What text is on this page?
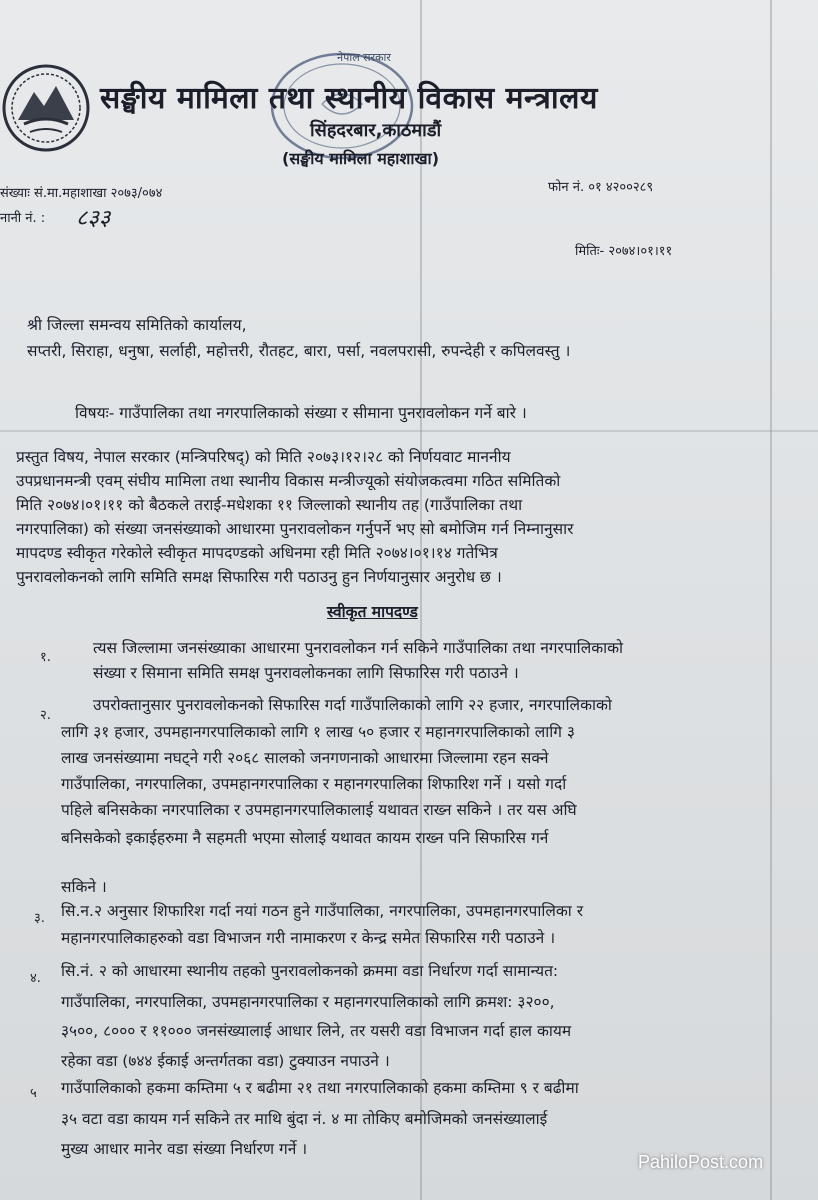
नेपाल सरकार
सङ्घीय मामिला तथा स्थानीय विकास मन्त्रालय
सिंहदरबार,काठमाडौं
(सङ्घीय मामिला महाशाखा)
संख्याः सं.मा.महाशाखा २०७३/०७४
नानी नं. : ८३३
फोन नं. ०१ ४२००२८९
मितिः- २०७४।०१।११
श्री जिल्ला समन्वय समितिको कार्यालय,
सप्तरी, सिराहा, धनुषा, सर्लाही, महोत्तरी, रौतहट, बारा, पर्सा, नवलपरासी, रुपन्देही र कपिलवस्तु ।
विषयः- गाउँपालिका तथा नगरपालिकाको संख्या र सीमाना पुनरावलोकन गर्ने बारे ।
प्रस्तुत विषय, नेपाल सरकार (मन्त्रिपरिषद्) को मिति २०७३।१२।२८ को निर्णयवाट माननीय
उपप्रधानमन्त्री एवम् संघीय मामिला तथा स्थानीय विकास मन्त्रीज्यूको संयोजकत्वमा गठित समितिको
मिति २०७४।०१।११ को बैठकले तराई-मधेशका ११ जिल्लाको स्थानीय तह (गाउँपालिका तथा
नगरपालिका) को संख्या जनसंख्याको आधारमा पुनरावलोकन गर्नुपर्ने भए सो बमोजिम गर्न निम्नानुसार
मापदण्ड स्वीकृत गरेकोले स्वीकृत मापदण्डको अधिनमा रही मिति २०७४।०१।१४ गतेभित्र
पुनरावलोकनको लागि समिति समक्ष सिफारिस गरी पठाउनु हुन निर्णयानुसार अनुरोध छ ।
स्वीकृत मापदण्ड
१.
त्यस जिल्लामा जनसंख्याका आधारमा पुनरावलोकन गर्न सकिने गाउँपालिका तथा नगरपालिकाको
संख्या र सिमाना समिति समक्ष पुनरावलोकनका लागि सिफारिस गरी पठाउने ।
२.
उपरोक्तानुसार पुनरावलोकनको सिफारिस गर्दा गाउँपालिकाको लागि २२ हजार, नगरपालिकाको
लागि ३१ हजार, उपमहानगरपालिकाको लागि १ लाख ५० हजार र महानगरपालिकाको लागि ३
लाख जनसंख्यामा नघट्ने गरी २०६८ सालको जनगणनाको आधारमा जिल्लामा रहन सक्ने
गाउँपालिका, नगरपालिका, उपमहानगरपालिका र महानगरपालिका शिफारिश गर्ने । यसो गर्दा
पहिले बनिसकेका नगरपालिका र उपमहानगरपालिकालाई यथावत राख्न सकिने । तर यस अघि
बनिसकेको इकाईहरुमा नै सहमती भएमा सोलाई यथावत कायम राख्न पनि सिफारिस गर्न
सकिने ।
३. सि.न.२ अनुसार शिफारिश गर्दा नयां गठन हुने गाउँपालिका, नगरपालिका, उपमहानगरपालिका र
महानगरपालिकाहरुको वडा विभाजन गरी नामाकरण र केन्द्र समेत सिफारिस गरी पठाउने ।
४. सि.नं. २ को आधारमा स्थानीय तहको पुनरावलोकनको क्रममा वडा निर्धारण गर्दा सामान्यत:
गाउँपालिका, नगरपालिका, उपमहानगरपालिका र महानगरपालिकाको लागि क्रमश: ३२००,
३५००, ८००० र ११००० जनसंख्यालाई आधार लिने, तर यसरी वडा विभाजन गर्दा हाल कायम
रहेका वडा (७४४ ईकाई अन्तर्गतका वडा) टुक्याउन नपाउने ।
५ गाउँपालिकाको हकमा कम्तिमा ५ र बढीमा २१ तथा नगरपालिकाको हकमा कम्तिमा ९ र बढीमा
३५ वटा वडा कायम गर्न सकिने तर माथि बुंदा नं. ४ मा तोकिए बमोजिमको जनसंख्यालाई
मुख्य आधार मानेर वडा संख्या निर्धारण गर्ने ।
PahiloPost.com
